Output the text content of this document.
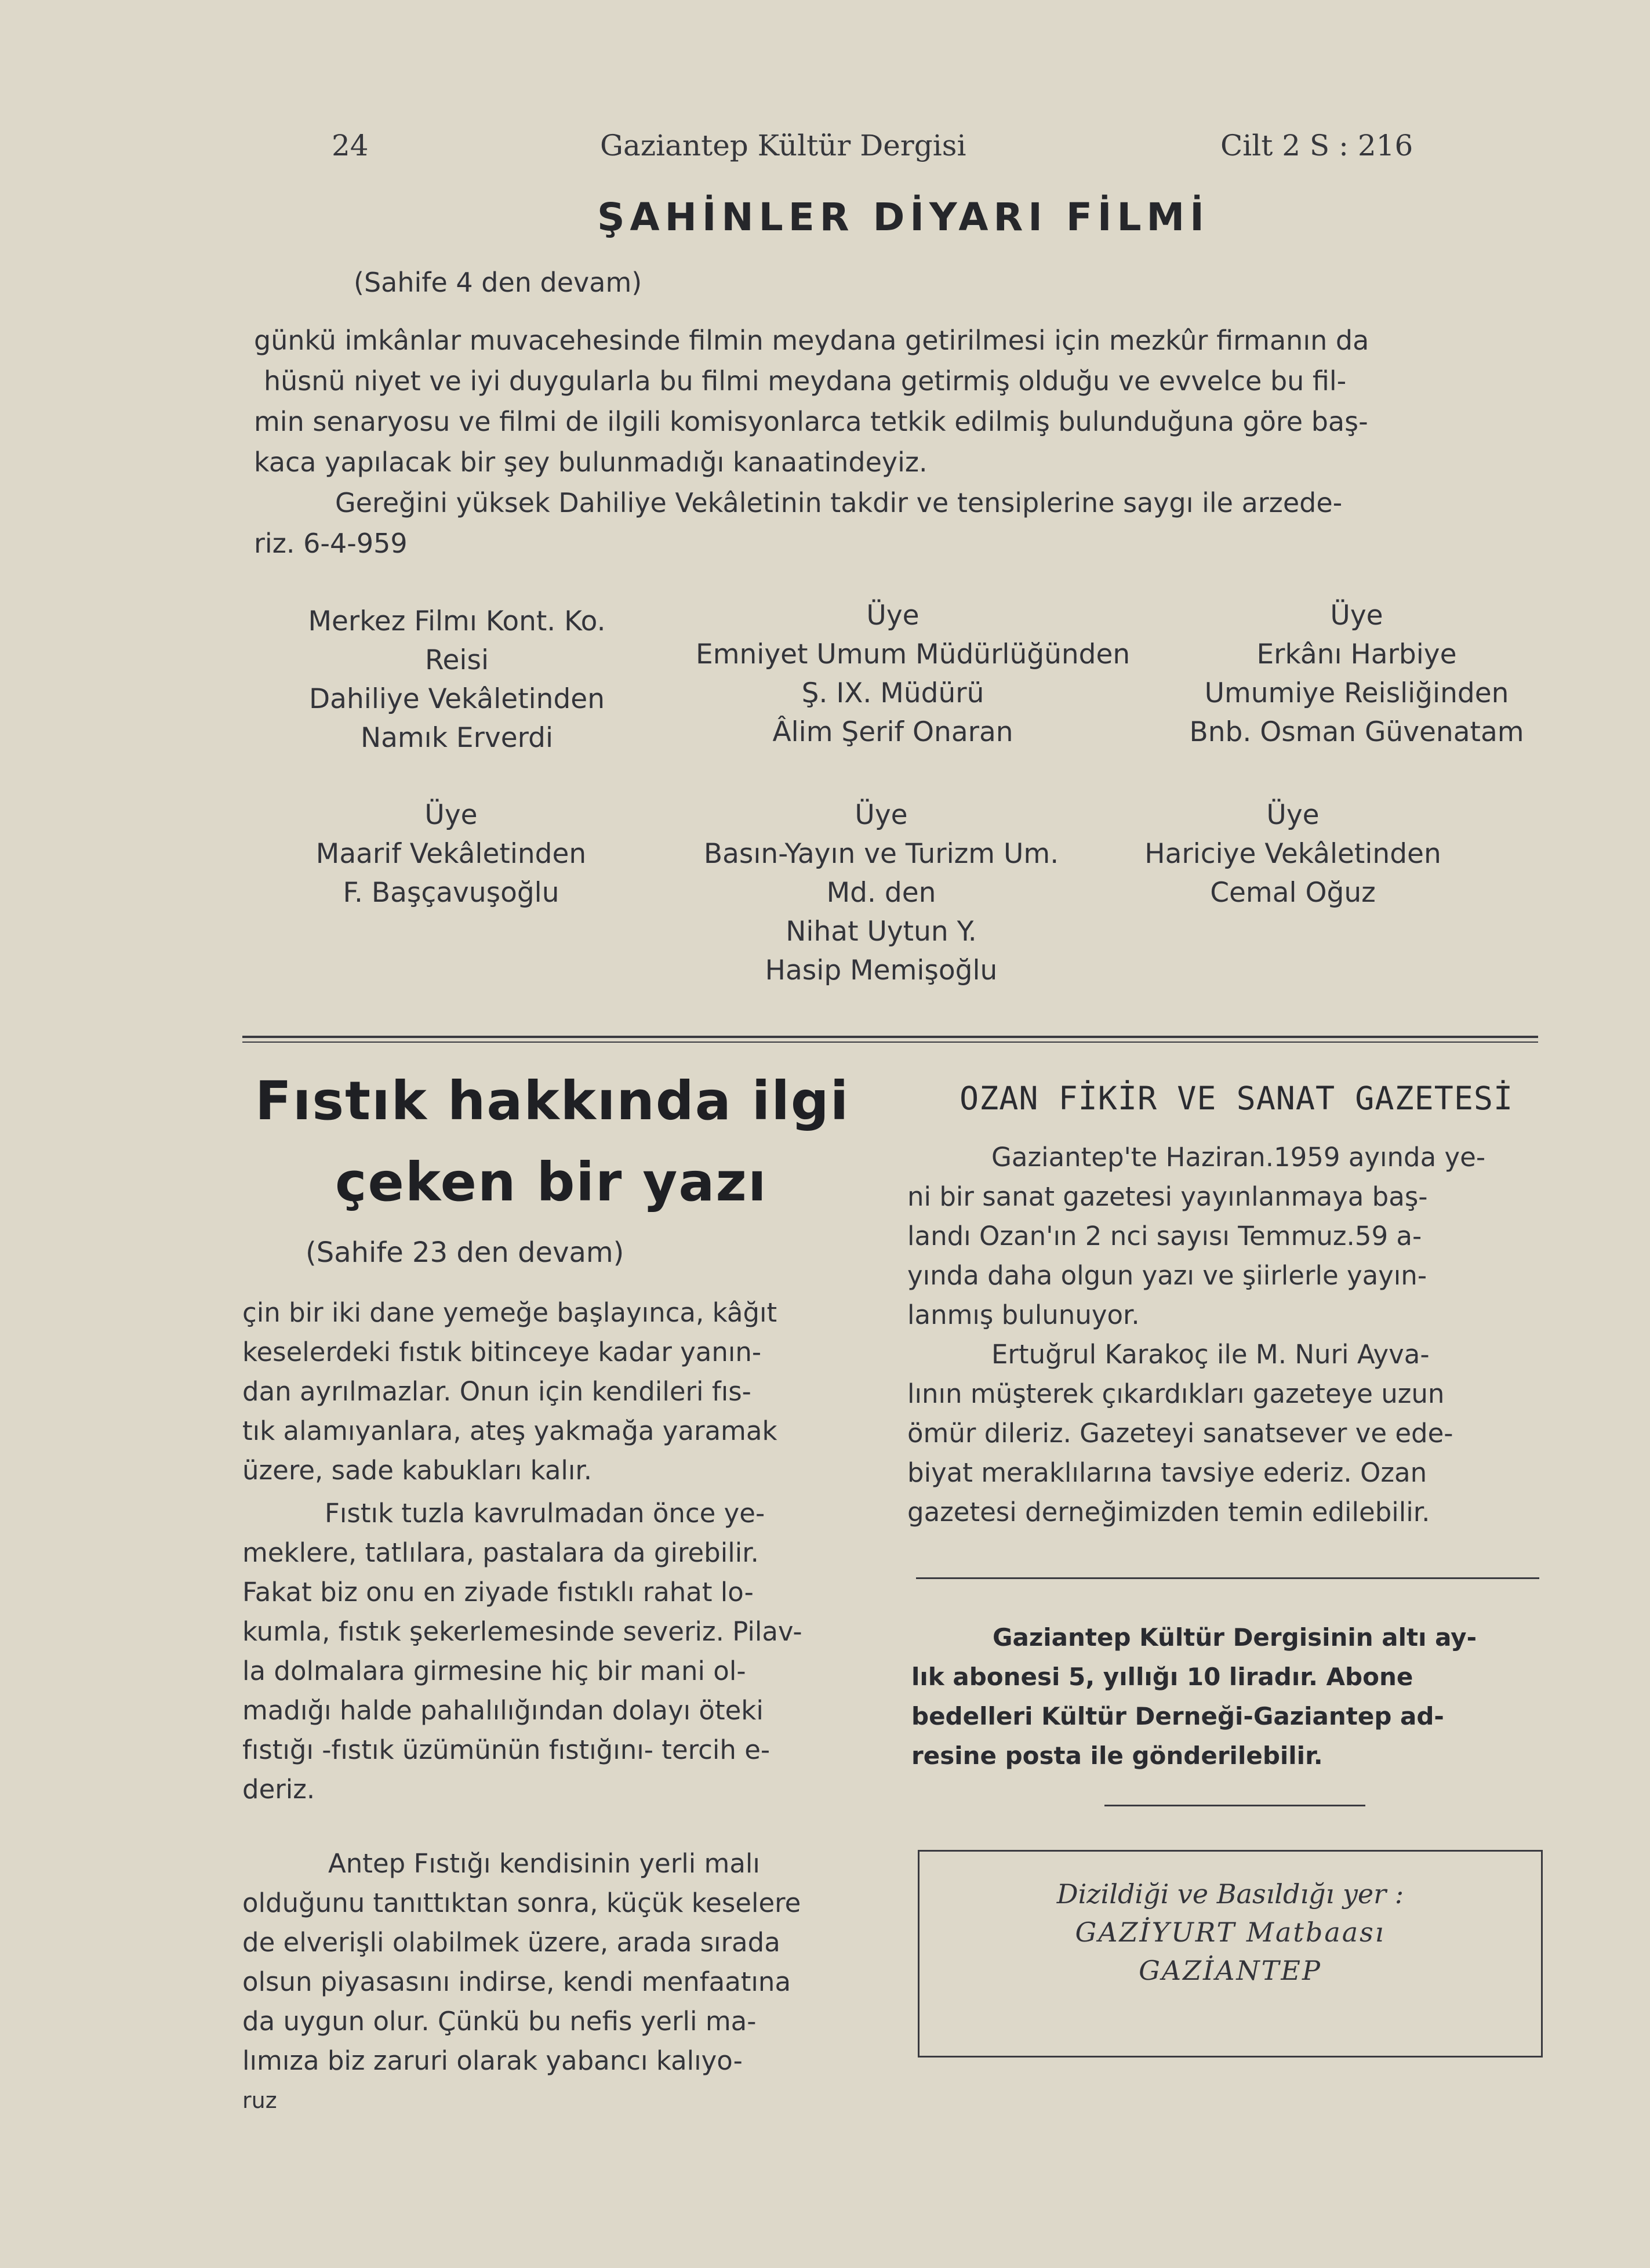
24	Gaziantep Kültür Dergisi	Cilt 2 S : 216
ŞAHİNLER DİYARI FİLMİ
(Sahife 4 den devam)
günkü imkânlar muvacehesinde filmin meydana getirilmesi için mezkûr firmanın da
hüsnü niyet ve iyi duygularla bu filmi meydana getirmiş olduğu ve evvelce bu fil-
min senaryosu ve filmi de ilgili komisyonlarca tetkik edilmiş bulunduğuna göre baş-
kaca yapılacak bir şey bulunmadığı kanaatindeyiz.
Gereğini yüksek Dahiliye Vekâletinin takdir ve tensiplerine saygı ile arzede-
riz. 6-4-959
Merkez Filmı Kont. Ko.
Reisi
Dahiliye Vekâletinden
Namık Erverdi
Üye
Emniyet Umum Müdürlüğünden
Ş. IX. Müdürü
Âlim Şerif Onaran
Üye
Erkânı Harbiye
Umumiye Reisliğinden
Bnb. Osman Güvenatam
Üye
Maarif Vekâletinden
F. Başçavuşoğlu
Üye
Basın-Yayın ve Turizm Um.
Md. den
Nihat Uytun Y.
Hasip Memişoğlu
Üye
Hariciye Vekâletinden
Cemal Oğuz
Fıstık hakkında ilgi
çeken bir yazı
(Sahife 23 den devam)
çin bir iki dane yemeğe başlayınca, kâğıt
keselerdeki fıstık bitinceye kadar yanın-
dan ayrılmazlar. Onun için kendileri fıs-
tık alamıyanlara, ateş yakmağa yaramak
üzere, sade kabukları kalır.
Fıstık tuzla kavrulmadan önce ye-
meklere, tatlılara, pastalara da girebilir.
Fakat biz onu en ziyade fıstıklı rahat lo-
kumla, fıstık şekerlemesinde severiz. Pilav-
la dolmalara girmesine hiç bir mani ol-
madığı halde pahalılığından dolayı öteki
fıstığı -fıstık üzümünün fıstığını- tercih e-
deriz.
Antep Fıstığı kendisinin yerli malı
olduğunu tanıttıktan sonra, küçük keselere
de elverişli olabilmek üzere, arada sırada
olsun piyasasını indirse, kendi menfaatına
da uygun olur. Çünkü bu nefis yerli ma-
lımıza biz zaruri olarak yabancı kalıyo-
ruz
OZAN FİKİR VE SANAT GAZETESİ
Gaziantep'te Haziran.1959 ayında ye-
ni bir sanat gazetesi yayınlanmaya baş-
landı Ozan'ın 2 nci sayısı Temmuz.59 a-
yında daha olgun yazı ve şiirlerle yayın-
lanmış bulunuyor.
Ertuğrul Karakoç ile M. Nuri Ayva-
lının müşterek çıkardıkları gazeteye uzun
ömür dileriz. Gazeteyi sanatsever ve ede-
biyat meraklılarına tavsiye ederiz. Ozan
gazetesi derneğimizden temin edilebilir.
Gaziantep Kültür Dergisinin altı ay-
lık abonesi 5, yıllığı 10 liradır. Abone
bedelleri Kültür Derneği-Gaziantep ad-
resine posta ile gönderilebilir.
Dizildiği ve Basıldığı yer :
GAZİYURT Matbaası
GAZİANTEP
